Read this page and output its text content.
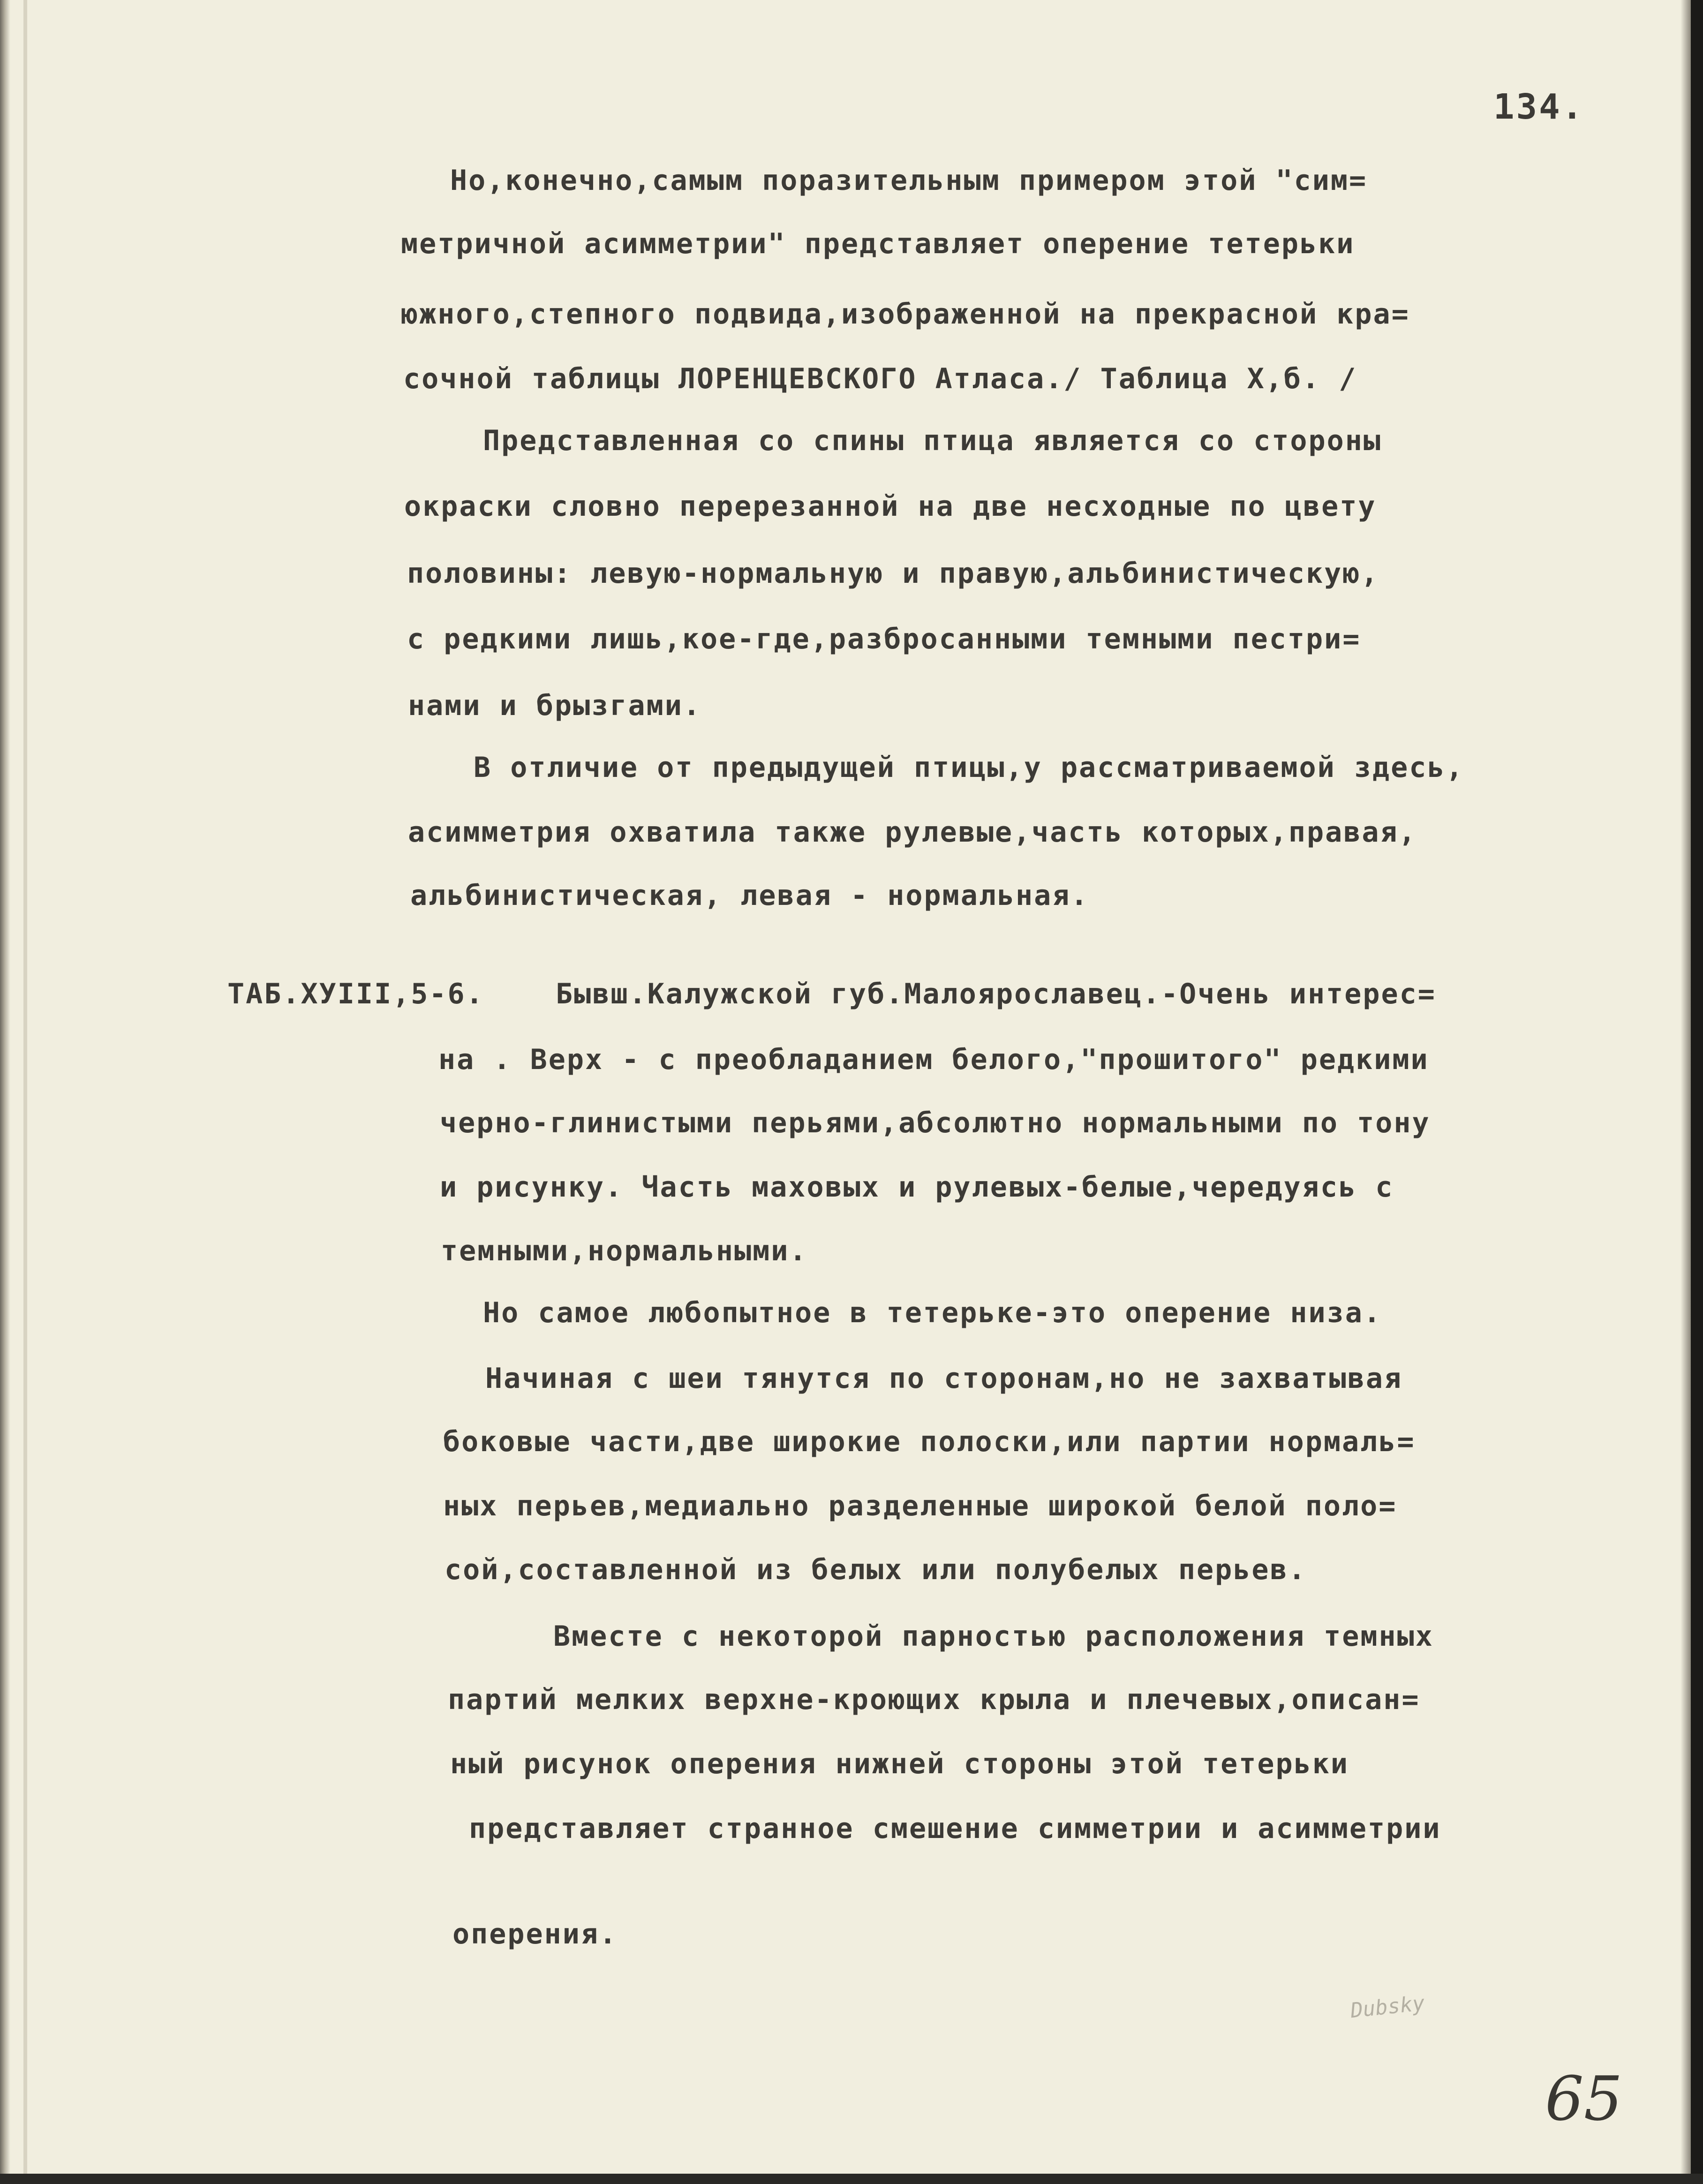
134.
Но,конечно,самым поразительным примером этой "сим=
метричной асимметрии" представляет оперение тетерьки
южного,степного подвида,изображенной на прекрасной кра=
сочной таблицы ЛОРЕНЦЕВСКОГО Атласа./ Таблица Х,б. /
Представленная со спины птица является со стороны
окраски словно перерезанной на две несходные по цвету
половины: левую-нормальную и правую,альбинистическую,
с редкими лишь,кое-где,разбросанными темными пестри=
нами и брызгами.
В отличие от предыдущей птицы,у рассматриваемой здесь,
асимметрия охватила также рулевые,часть которых,правая,
альбинистическая, левая - нормальная.
ТАБ.ХУIII,5-6.	Бывш.Калужской губ.Малоярославец.-Очень интерес=
на . Верх - с преобладанием белого,"прошитого" редкими
черно-глинистыми перьями,абсолютно нормальными по тону
и рисунку. Часть маховых и рулевых-белые,чередуясь с
темными,нормальными.
Но самое любопытное в тетерьке-это оперение низа.
Начиная с шеи тянутся по сторонам,но не захватывая
боковые части,две широкие полоски,или партии нормаль=
ных перьев,медиально разделенные широкой белой поло=
сой,составленной из белых или полубелых перьев.
Вместе с некоторой парностью расположения темных
партий мелких верхне-кроющих крыла и плечевых,описан=
ный рисунок оперения нижней стороны этой тетерьки
представляет странное смешение симметрии и асимметрии
оперения.
Dubsky
65
